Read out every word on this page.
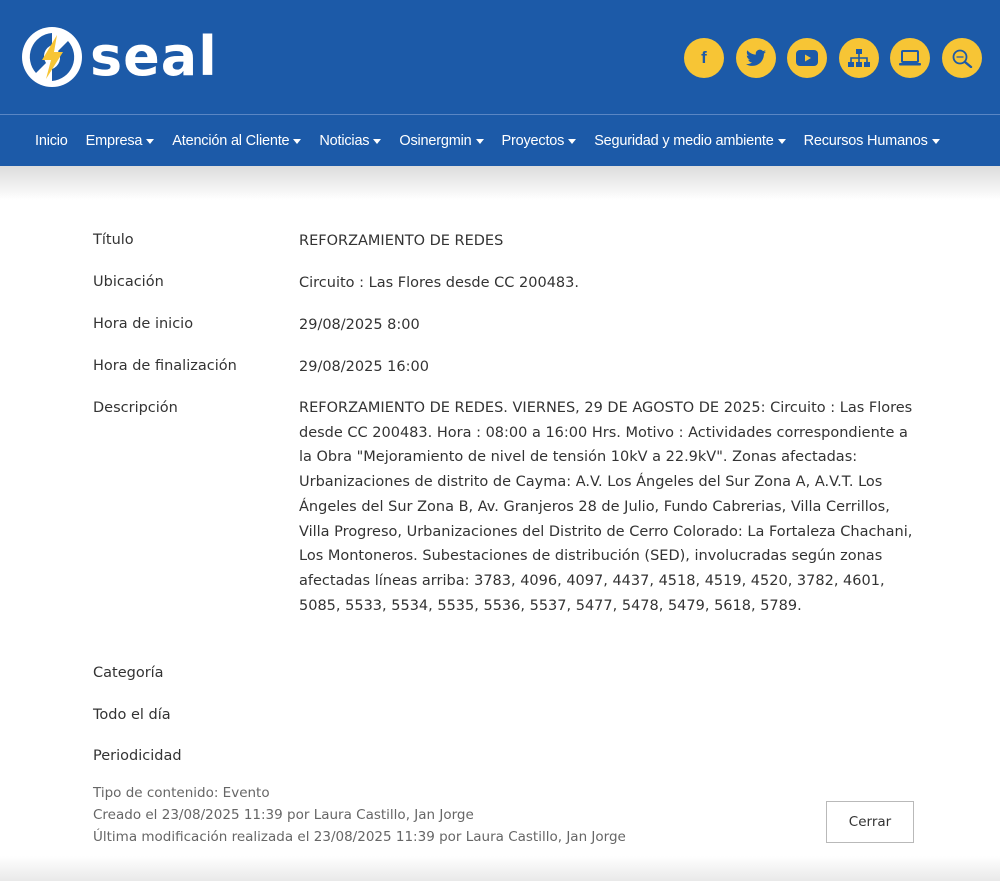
seal	f
Inicio Empresa Atención al Cliente Noticias Osinergmin Proyectos Seguridad y medio ambiente Recursos Humanos
Título	REFORZAMIENTO DE REDES
Ubicación	Circuito : Las Flores desde CC 200483.
Hora de inicio	29/08/2025 8:00
Hora de finalización	29/08/2025 16:00
Descripción	REFORZAMIENTO DE REDES. VIERNES, 29 DE AGOSTO DE 2025: Circuito : Las Flores desde CC 200483. Hora : 08:00 a 16:00 Hrs. Motivo : Actividades correspondiente a la Obra "Mejoramiento de nivel de tensión 10kV a 22.9kV". Zonas afectadas: Urbanizaciones de distrito de Cayma: A.V. Los Ángeles del Sur Zona A, A.V.T. Los Ángeles del Sur Zona B, Av. Granjeros 28 de Julio, Fundo Cabrerias, Villa Cerrillos, Villa Progreso, Urbanizaciones del Distrito de Cerro Colorado: La Fortaleza Chachani, Los Montoneros. Subestaciones de distribución (SED), involucradas según zonas afectadas líneas arriba: 3783, 4096, 4097, 4437, 4518, 4519, 4520, 3782, 4601, 5085, 5533, 5534, 5535, 5536, 5537, 5477, 5478, 5479, 5618, 5789.
Categoría
Todo el día
Periodicidad
Tipo de contenido: Evento
Creado el 23/08/2025 11:39 por Laura Castillo, Jan Jorge
Última modificación realizada el 23/08/2025 11:39 por Laura Castillo, Jan Jorge
Cerrar
